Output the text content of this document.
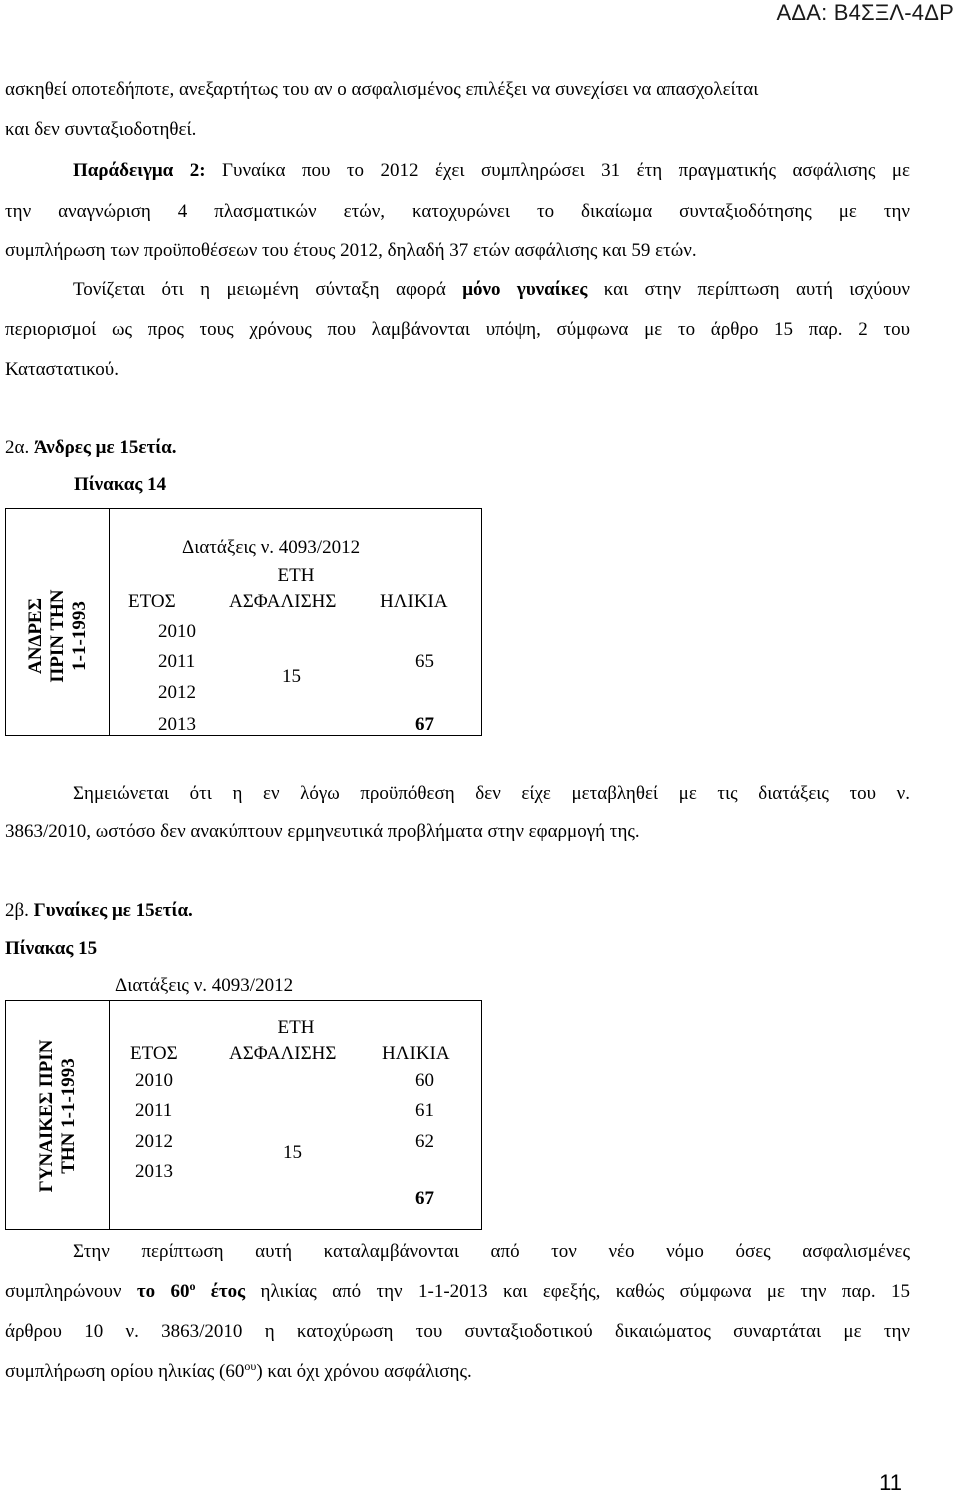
ΑΔΑ: Β4ΣΞΛ-4ΔΡ
ασκηθεί οποτεδήποτε, ανεξαρτήτως του αν ο ασφαλισμένος επιλέξει να συνεχίσει να απασχολείται
και δεν συνταξιοδοτηθεί.
Παράδειγμα 2: Γυναίκα που το 2012 έχει συμπληρώσει 31 έτη πραγματικής ασφάλισης με
την αναγνώριση 4 πλασματικών ετών, κατοχυρώνει το δικαίωμα συνταξιοδότησης με την
συμπλήρωση των προϋποθέσεων του έτους 2012, δηλαδή 37 ετών ασφάλισης και 59 ετών.
Τονίζεται ότι η μειωμένη σύνταξη αφορά μόνο γυναίκες και στην περίπτωση αυτή ισχύουν
περιορισμοί ως προς τους χρόνους που λαμβάνονται υπόψη, σύμφωνα με το άρθρο 15 παρ. 2 του
Καταστατικού.
2α. Άνδρες με 15ετία.
Πίνακας 14
ΑΝΔΡΕΣ ΠΡΙΝ ΤΗΝ 1-1-1993
Διατάξεις ν. 4093/2012
ΕΤΗ
ΕΤΟΣ	ΑΣΦΑΛΙΣΗΣ ΗΛΙΚΙΑ
2010
2011
2012
2013
15
65
67
Σημειώνεται ότι η εν λόγω προϋπόθεση δεν είχε μεταβληθεί με τις διατάξεις του ν.
3863/2010, ωστόσο δεν ανακύπτουν ερμηνευτικά προβλήματα στην εφαρμογή της.
2β. Γυναίκες με 15ετία.
Πίνακας 15
Διατάξεις ν. 4093/2012
ΓΥΝΑΙΚΕΣ ΠΡΙΝ ΤΗΝ 1-1-1993
ΕΤΗ
ΕΤΟΣ	ΑΣΦΑΛΙΣΗΣ ΗΛΙΚΙΑ
2010
2011
2012
2013
15
60
61
62
67
Στην περίπτωση αυτή καταλαμβάνονται από τον νέο νόμο όσες ασφαλισμένες
συμπληρώνουν το $60^o$ έτος ηλικίας από την 1-1-2013 και εφεξής, καθώς σύμφωνα με την παρ. 15
άρθρου 10 ν. 3863/2010 η κατοχύρωση του συνταξιοδοτικού δικαιώματος συναρτάται με την
συμπλήρωση ορίου ηλικίας $(60^{o\upsilon})$ και όχι χρόνου ασφάλισης.
11
